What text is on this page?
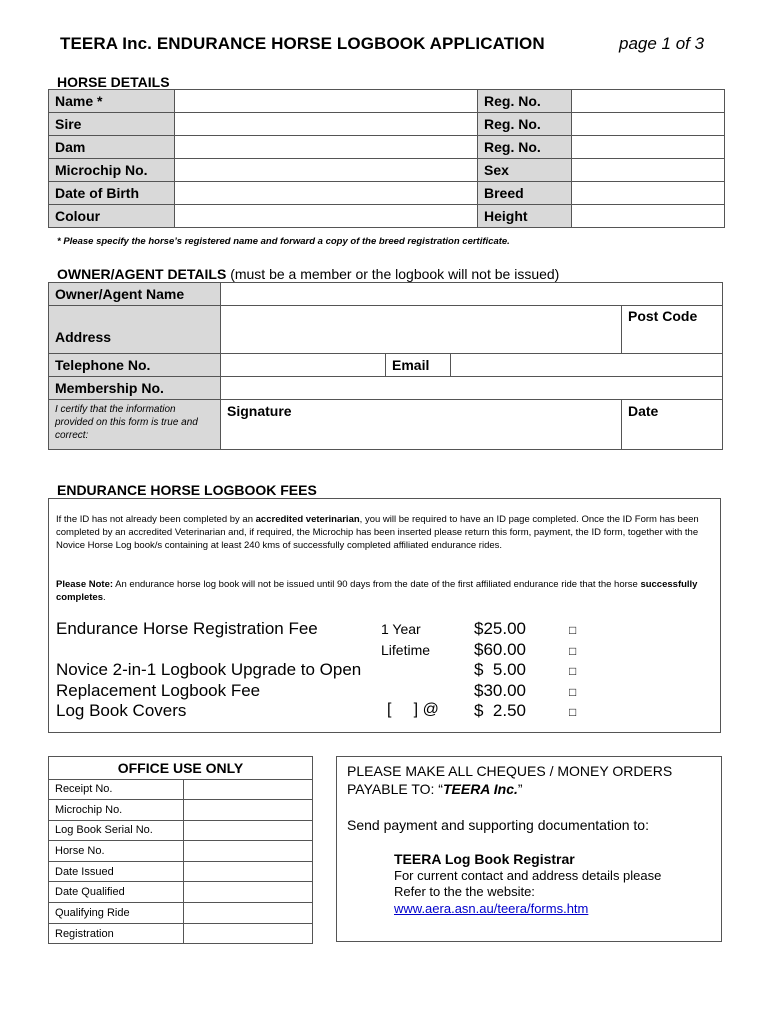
TEERA Inc. ENDURANCE HORSE LOGBOOK APPLICATION	page 1 of 3
HORSE DETAILS
Name *		Reg. No.	
Sire		Reg. No.	
Dam		Reg. No.	
Microchip No.		Sex	
Date of Birth		Breed	
Colour		Height	
* Please specify the horse’s registered name and forward a copy of the breed registration certificate.
OWNER/AGENT DETAILS (must be a member or the logbook will not be issued)
Owner/Agent Name				
Address				Post Code
Telephone No.		Email		
Membership No.				
I certify that the information provided on this form is true and correct:	Signature			Date
ENDURANCE HORSE LOGBOOK FEES
If the ID has not already been completed by an accredited veterinarian, you will be required to have an ID page completed. Once the ID Form has been completed by an accredited Veterinarian and, if required, the Microchip has been inserted please return this form, payment, the ID form, together with the Novice Horse Log book/s containing at least 240 kms of successfully completed affiliated endurance rides.
Please Note: An endurance horse log book will not be issued until 90 days from the date of the first affiliated endurance ride that the horse successfully completes.
Endurance Horse Registration Fee	1 Year	$25.00	□
Lifetime	$60.00	□
Novice 2-in-1 Logbook Upgrade to Open	$  5.00	□
Replacement Logbook Fee	$30.00	□
Log Book Covers	[     ] @ $  2.50	□
OFFICE USE ONLY	
Receipt No.	
Microchip No.	
Log Book Serial No.	
Horse No.	
Date Issued	
Date Qualified	
Qualifying Ride	
Registration	
PLEASE MAKE ALL CHEQUES / MONEY ORDERS
PAYABLE TO: “TEERA Inc.”
Send payment and supporting documentation to:
TEERA Log Book Registrar
For current contact and address details please
Refer to the the website:
www.aera.asn.au/teera/forms.htm
